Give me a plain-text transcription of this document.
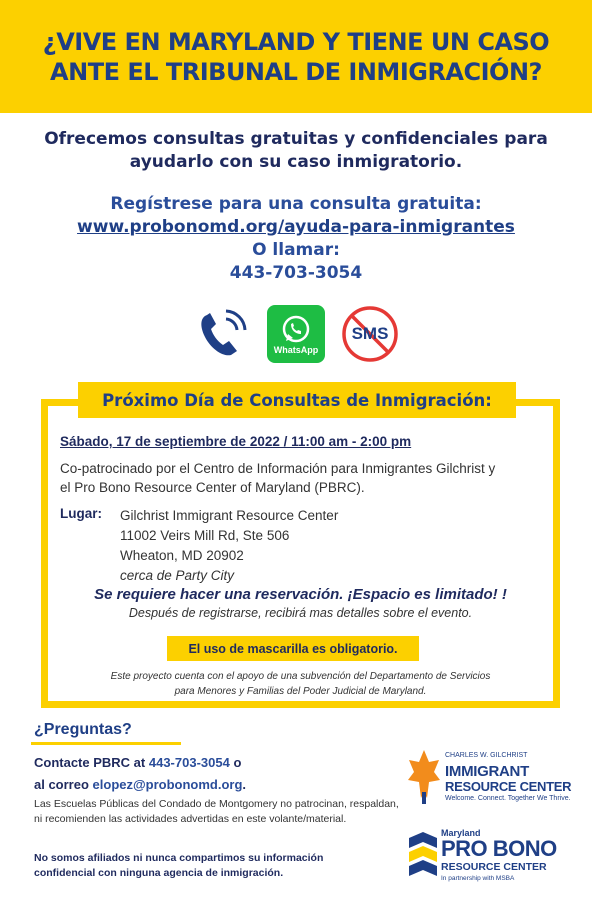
¿VIVE EN MARYLAND Y TIENE UN CASO
ANTE EL TRIBUNAL DE INMIGRACIÓN?
Ofrecemos consultas gratuitas y confidenciales para
ayudarlo con su caso inmigratorio.
Regístrese para una consulta gratuita:
www.probonomd.org/ayuda-para-inmigrantes
O llamar:
443-703-3054
WhatsApp
SMS
Próximo Día de Consultas de Inmigración:
Sábado, 17 de septiembre de 2022 / 11:00 am - 2:00 pm
Co-patrocinado por el Centro de Información para Inmigrantes Gilchrist y
el Pro Bono Resource Center of Maryland (PBRC).
Lugar: Gilchrist Immigrant Resource Center
11002 Veirs Mill Rd, Ste 506
Wheaton, MD 20902
cerca de Party City
Se requiere hacer una reservación. ¡Espacio es limitado! !
Después de registrarse, recibirá mas detalles sobre el evento.
El uso de mascarilla es obligatorio.
Este proyecto cuenta con el apoyo de una subvención del Departamento de Servicios
para Menores y Familias del Poder Judicial de Maryland.
¿Preguntas?
Contacte PBRC at 443-703-3054 o
al correo elopez@probonomd.org.
Las Escuelas Públicas del Condado de Montgomery no patrocinan, respaldan, ni recomienden las actividades advertidas en este volante/material.
No somos afiliados ni nunca compartimos su información confidencial con ninguna agencia de inmigración.
CHARLES W. GILCHRIST
IMMIGRANT
RESOURCE CENTER
Welcome. Connect. Together We Thrive.
Maryland
PRO BONO
RESOURCE CENTER
In partnership with MSBA
